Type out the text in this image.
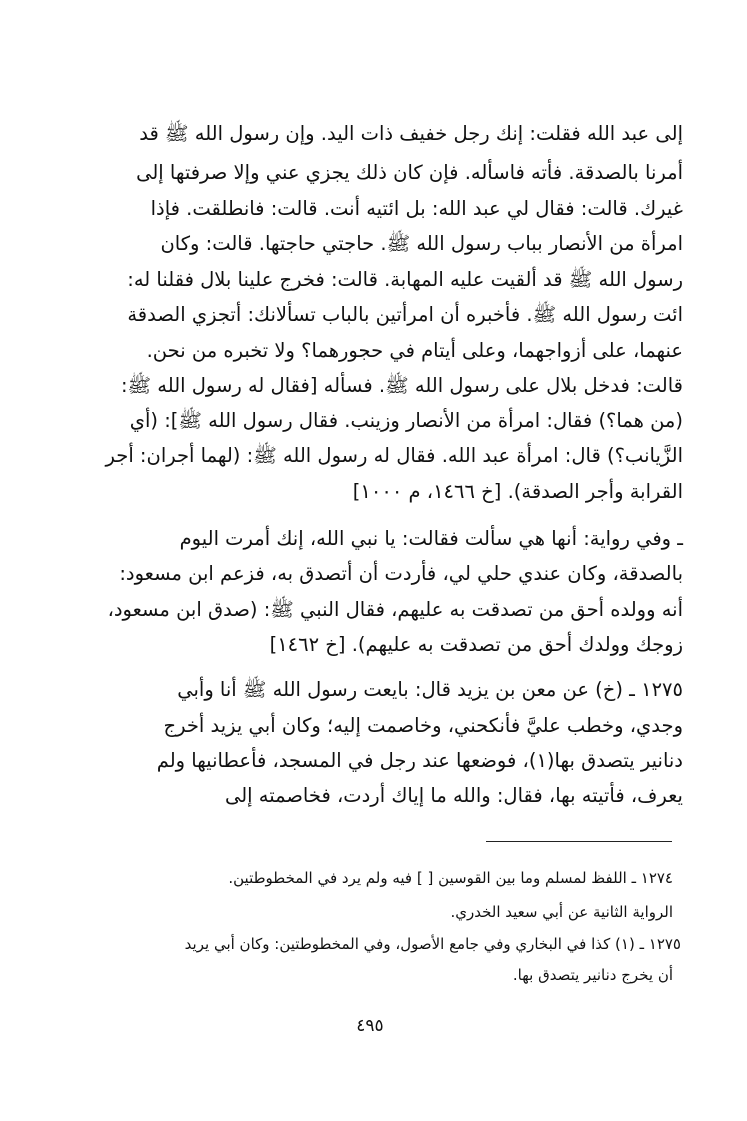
إلى عبد الله فقلت: إنك رجل خفيف ذات اليد. وإن رسول الله ﷺ قد
أمرنا بالصدقة. فأته فاسأله. فإن كان ذلك يجزي عني وإلا صرفتها إلى
غيرك. قالت: فقال لي عبد الله: بل ائتيه أنت. قالت: فانطلقت. فإذا
امرأة من الأنصار بباب رسول الله ﷺ. حاجتي حاجتها. قالت: وكان
رسول الله ﷺ قد ألقيت عليه المهابة. قالت: فخرج علينا بلال فقلنا له:
ائت رسول الله ﷺ. فأخبره أن امرأتين بالباب تسألانك: أتجزي الصدقة
عنهما، على أزواجهما، وعلى أيتام في حجورهما؟ ولا تخبره من نحن.
قالت: فدخل بلال على رسول الله ﷺ. فسأله [فقال له رسول الله ﷺ:
(من هما؟) فقال: امرأة من الأنصار وزينب. فقال رسول الله ﷺ]: (أي
الزَّيانب؟) قال: امرأة عبد الله. فقال له رسول الله ﷺ: (لهما أجران: أجر
القرابة وأجر الصدقة). [خ ١٤٦٦، م ١٠٠٠]
ـ وفي رواية: أنها هي سألت فقالت: يا نبي الله، إنك أمرت اليوم
بالصدقة، وكان عندي حلي لي، فأردت أن أتصدق به، فزعم ابن مسعود:
أنه وولده أحق من تصدقت به عليهم، فقال النبي ﷺ: (صدق ابن مسعود،
زوجك وولدك أحق من تصدقت به عليهم). [خ ١٤٦٢]
١٢٧٥ ـ (خ) عن معن بن يزيد قال: بايعت رسول الله ﷺ أنا وأبي
وجدي، وخطب عليَّ فأنكحني، وخاصمت إليه؛ وكان أبي يزيد أخرج
دنانير يتصدق بها(١)، فوضعها عند رجل في المسجد، فأعطانيها ولم
يعرف، فأتيته بها، فقال: والله ما إياك أردت، فخاصمته إلى
١٢٧٤ ـ اللفظ لمسلم وما بين القوسين [ ] فيه ولم يرد في المخطوطتين.
الرواية الثانية عن أبي سعيد الخدري.
١٢٧٥ ـ (١) كذا في البخاري وفي جامع الأصول، وفي المخطوطتين: وكان أبي يريد
أن يخرج دنانير يتصدق بها.
٤٩٥
